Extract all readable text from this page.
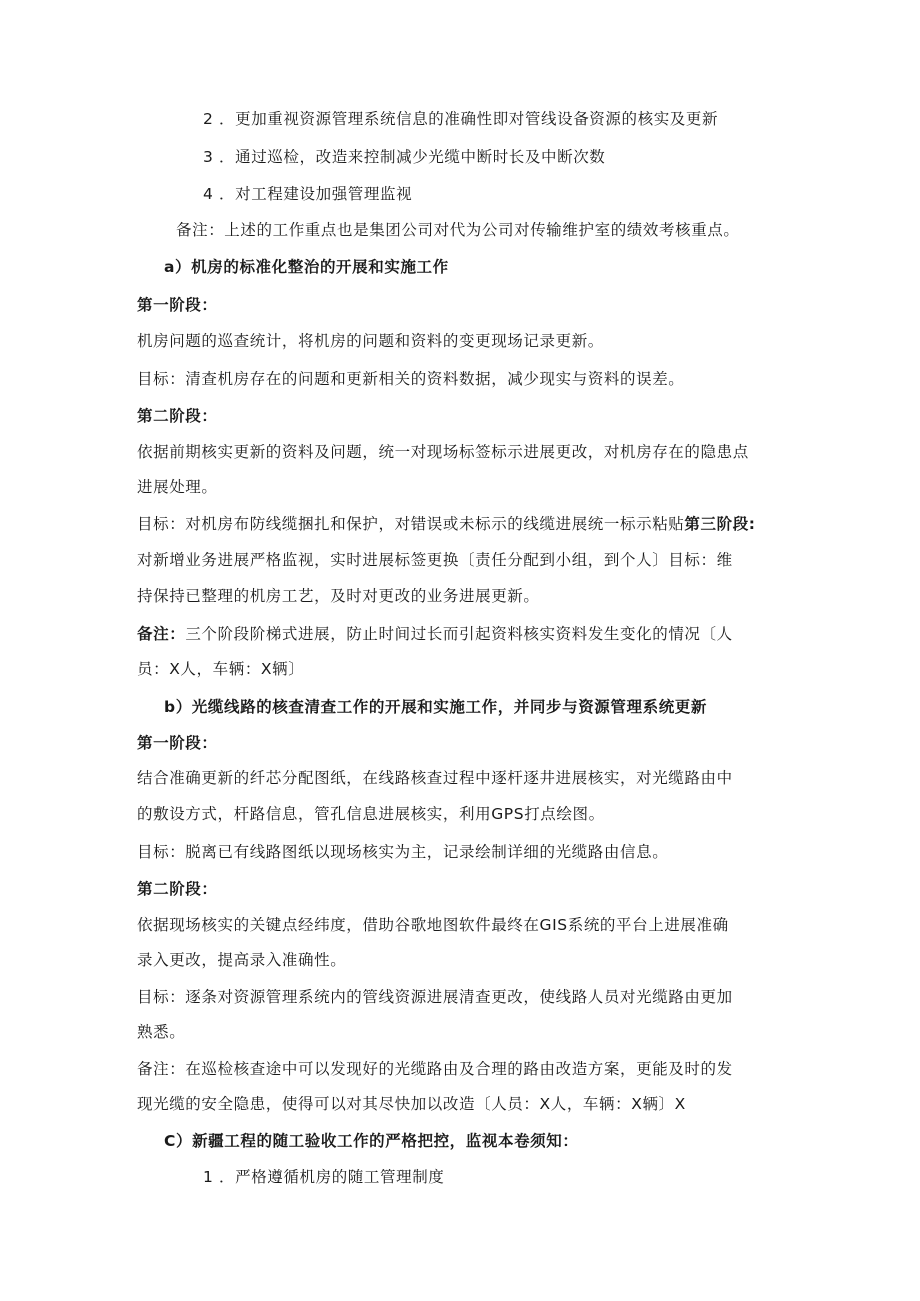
2 ．更加重视资源管理系统信息的准确性即对管线设备资源的核实及更新
3 ．通过巡检，改造来控制减少光缆中断时长及中断次数
4 ．对工程建设加强管理监视
备注：上述的工作重点也是集团公司对代为公司对传输维护室的绩效考核重点。
a）机房的标准化整治的开展和实施工作
第一阶段：
机房问题的巡查统计，将机房的问题和资料的变更现场记录更新。
目标：清查机房存在的问题和更新相关的资料数据，减少现实与资料的误差。
第二阶段：
依据前期核实更新的资料及问题，统一对现场标签标示进展更改，对机房存在的隐患点
进展处理。
目标：对机房布防线缆捆扎和保护，对错误或未标示的线缆进展统一标示粘贴第三阶段:
对新增业务进展严格监视，实时进展标签更换〔责任分配到小组，到个人〕目标：维
持保持已整理的机房工艺，及时对更改的业务进展更新。
备注：三个阶段阶梯式进展，防止时间过长而引起资料核实资料发生变化的情况〔人
员：X人，车辆：X辆〕
b）光缆线路的核查清查工作的开展和实施工作，并同步与资源管理系统更新
第一阶段：
结合准确更新的纤芯分配图纸，在线路核查过程中逐杆逐井进展核实，对光缆路由中
的敷设方式，杆路信息，管孔信息进展核实，利用GPS打点绘图。
目标：脱离已有线路图纸以现场核实为主，记录绘制详细的光缆路由信息。
第二阶段：
依据现场核实的关键点经纬度，借助谷歌地图软件最终在GIS系统的平台上进展准确
录入更改，提高录入准确性。
目标：逐条对资源管理系统内的管线资源进展清查更改，使线路人员对光缆路由更加
熟悉。
备注：在巡检核查途中可以发现好的光缆路由及合理的路由改造方案，更能及时的发
现光缆的安全隐患，使得可以对其尽快加以改造〔人员：X人，车辆：X辆〕X
C）新疆工程的随工验收工作的严格把控，监视本卷须知：
1 ．严格遵循机房的随工管理制度
